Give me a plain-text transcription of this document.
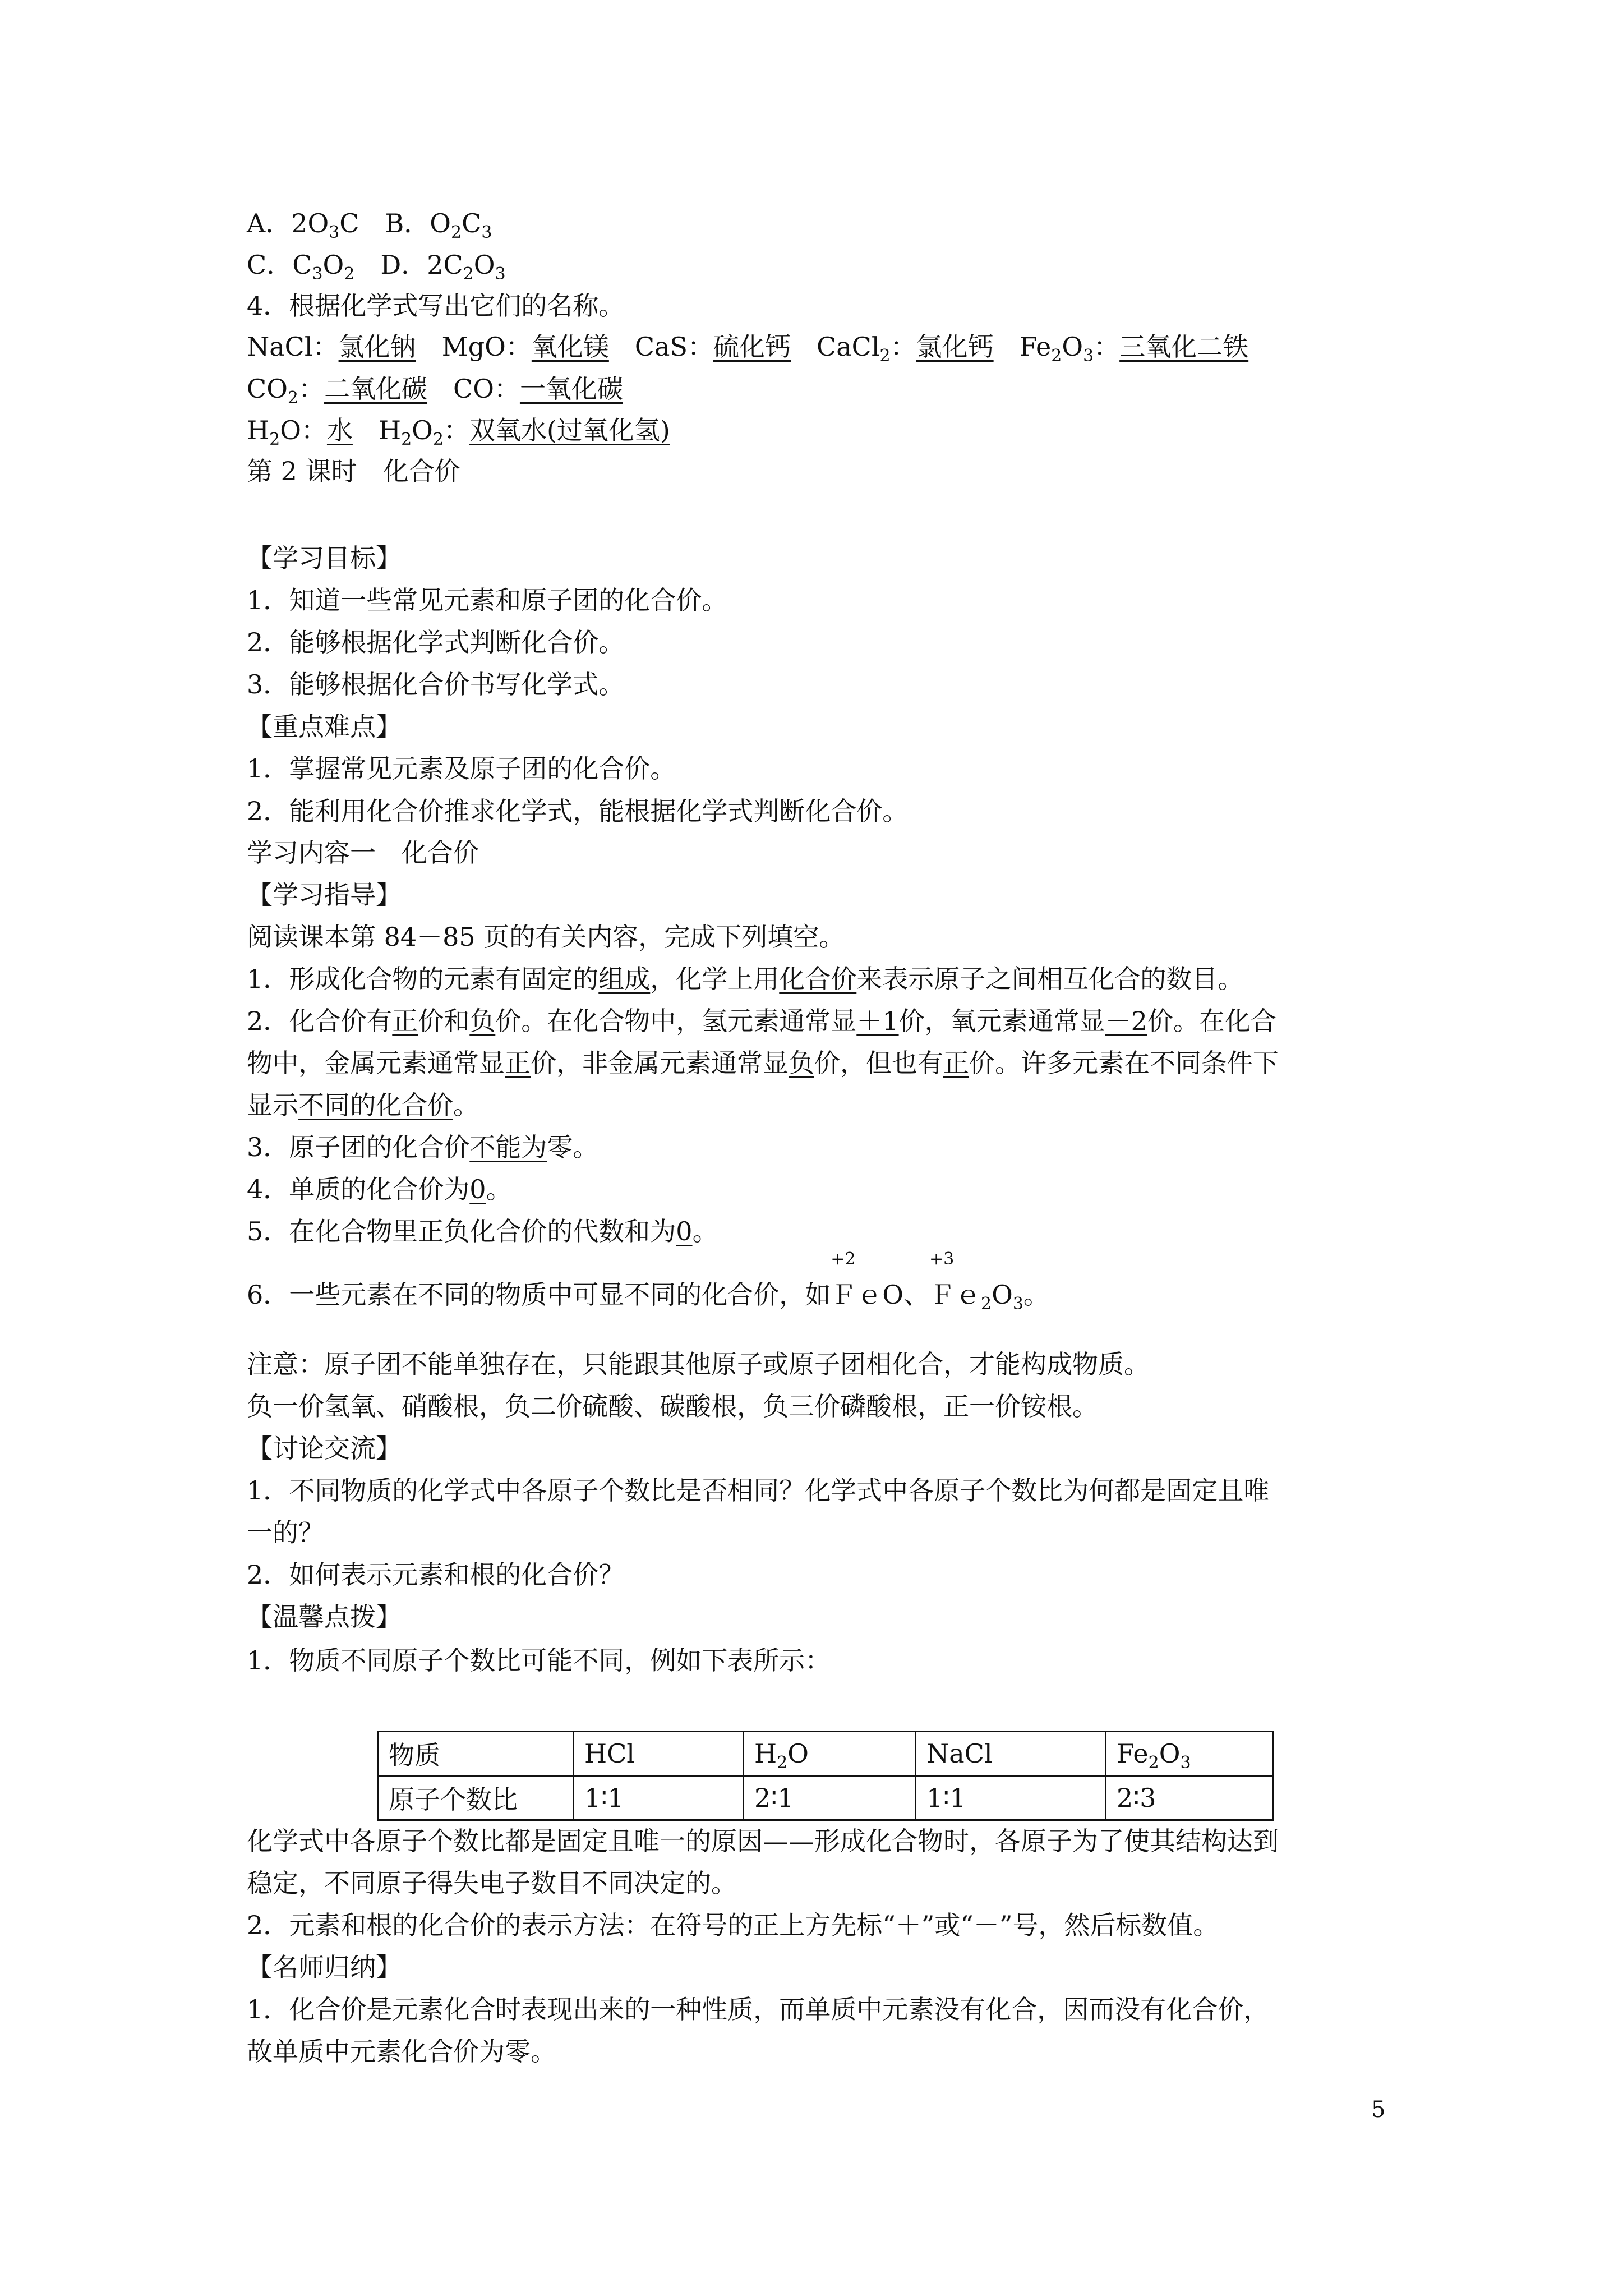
A．$2O_3C$　 B．$O_2C_3$
C．$C_3O_2$　 D．$2C_2O_3$
4．根据化学式写出它们的名称。
NaCl：氯化钠　 MgO：氧化镁　 CaS：硫化钙　 CaCl$_2$：氯化钙　 $Fe_2O_3$：三氧化二铁
$CO_2$：二氧化碳　 CO：一氧化碳
$H_2O$：水　 $H_2O_2$：双氧水(过氧化氢)
第 2 课时　化合价
【学习目标】
1．知道一些常见元素和原子团的化合价。
2．能够根据化学式判断化合价。
3．能够根据化合价书写化学式。
【重点难点】
1．掌握常见元素及原子团的化合价。
2．能利用化合价推求化学式，能根据化学式判断化合价。
学习内容一　化合价
【学习指导】
阅读课本第 84－85 页的有关内容，完成下列填空。
1．形成化合物的元素有固定的组成，化学上用化合价来表示原子之间相互化合的数目。
2．化合价有正价和负价。在化合物中，氢元素通常显＋1价，氧元素通常显－2价。在化合
物中，金属元素通常显正价，非金属元素通常显负价，但也有正价。许多元素在不同条件下
显示不同的化合价。
3．原子团的化合价不能为零。
4．单质的化合价为0。
5．在化合物里正负化合价的代数和为0。
6．一些元素在不同的物质中可显不同的化合价，如
+2
ＦｅO、
+3
$Fe_2O_3$。
注意：原子团不能单独存在，只能跟其他原子或原子团相化合，才能构成物质。
负一价氢氧、硝酸根，负二价硫酸、碳酸根，负三价磷酸根，正一价铵根。
【讨论交流】
1．不同物质的化学式中各原子个数比是否相同？化学式中各原子个数比为何都是固定且唯
一的？
2．如何表示元素和根的化合价？
【温馨点拨】
1．物质不同原子个数比可能不同，例如下表所示：
物质	HCl	$H_2O$	NaCl	$Fe_2O_3$
原子个数比	1∶1	2∶1	1∶1	2∶3
化学式中各原子个数比都是固定且唯一的原因——形成化合物时，各原子为了使其结构达到
稳定，不同原子得失电子数目不同决定的。
2．元素和根的化合价的表示方法：在符号的正上方先标“＋”或“－”号，然后标数值。
【名师归纳】
1．化合价是元素化合时表现出来的一种性质，而单质中元素没有化合，因而没有化合价，
故单质中元素化合价为零。
5
